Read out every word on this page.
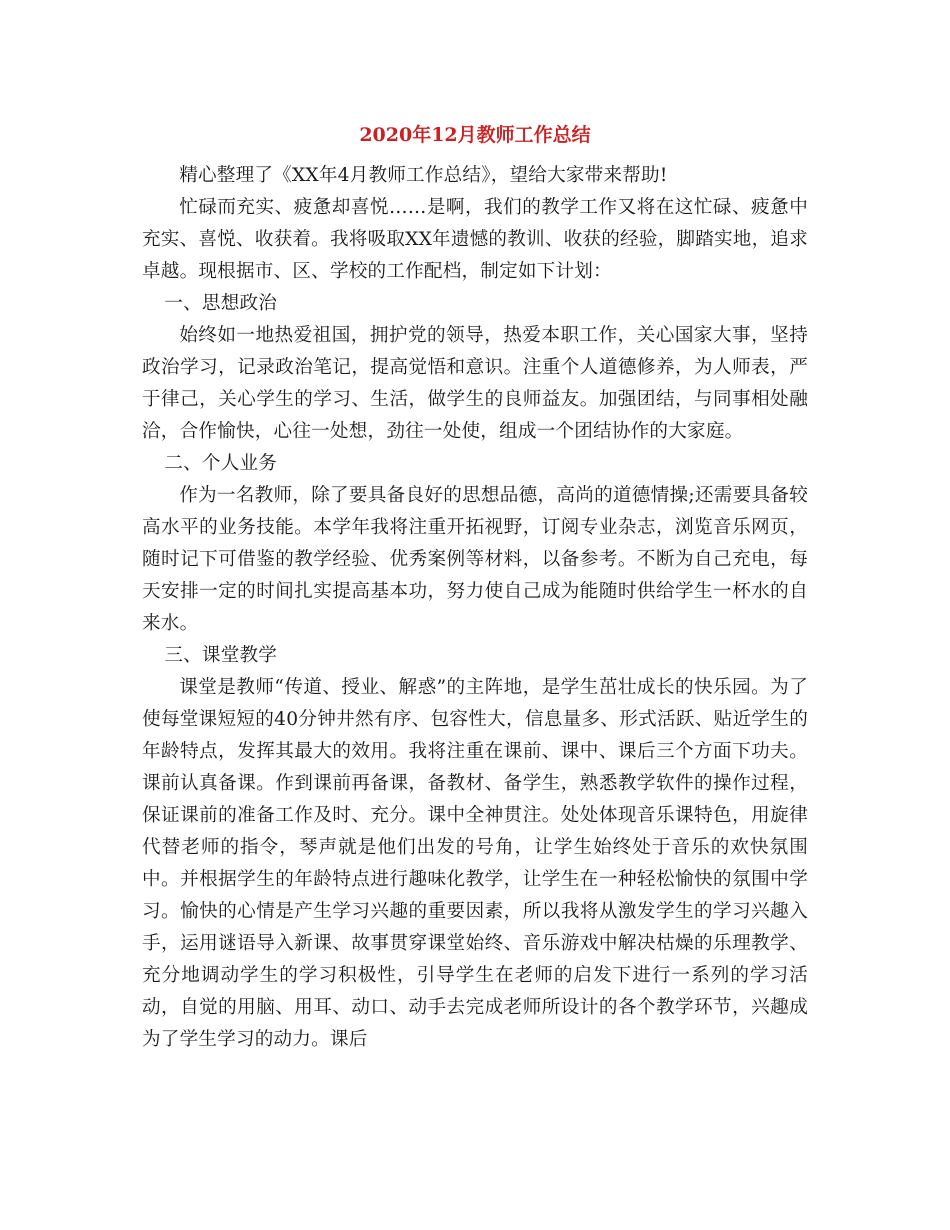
2020年12月教师工作总结

精心整理了《XX年4月教师工作总结》，望给大家带来帮助!

忙碌而充实、疲惫却喜悦……是啊，我们的教学工作又将在这忙碌、疲惫中充实、喜悦、收获着。我将吸取XX年遗憾的教训、收获的经验，脚踏实地，追求卓越。现根据市、区、学校的工作配档，制定如下计划：

一、思想政治

始终如一地热爱祖国，拥护党的领导，热爱本职工作，关心国家大事，坚持政治学习，记录政治笔记，提高觉悟和意识。注重个人道德修养，为人师表，严于律己，关心学生的学习、生活，做学生的良师益友。加强团结，与同事相处融洽，合作愉快，心往一处想，劲往一处使，组成一个团结协作的大家庭。

二、个人业务

作为一名教师，除了要具备良好的思想品德，高尚的道德情操;还需要具备较高水平的业务技能。本学年我将注重开拓视野，订阅专业杂志，浏览音乐网页，随时记下可借鉴的教学经验、优秀案例等材料，以备参考。不断为自己充电，每天安排一定的时间扎实提高基本功，努力使自己成为能随时供给学生一杯水的自来水。

三、课堂教学

课堂是教师“传道、授业、解惑”的主阵地，是学生茁壮成长的快乐园。为了使每堂课短短的40分钟井然有序、包容性大，信息量多、形式活跃、贴近学生的年龄特点，发挥其最大的效用。我将注重在课前、课中、课后三个方面下功夫。课前认真备课。作到课前再备课，备教材、备学生，熟悉教学软件的操作过程，保证课前的准备工作及时、充分。课中全神贯注。处处体现音乐课特色，用旋律代替老师的指令，琴声就是他们出发的号角，让学生始终处于音乐的欢快氛围中。并根据学生的年龄特点进行趣味化教学，让学生在一种轻松愉快的氛围中学习。愉快的心情是产生学习兴趣的重要因素，所以我将从激发学生的学习兴趣入手，运用谜语导入新课、故事贯穿课堂始终、音乐游戏中解决枯燥的乐理教学、充分地调动学生的学习积极性，引导学生在老师的启发下进行一系列的学习活动，自觉的用脑、用耳、动口、动手去完成老师所设计的各个教学环节，兴趣成为了学生学习的动力。课后
